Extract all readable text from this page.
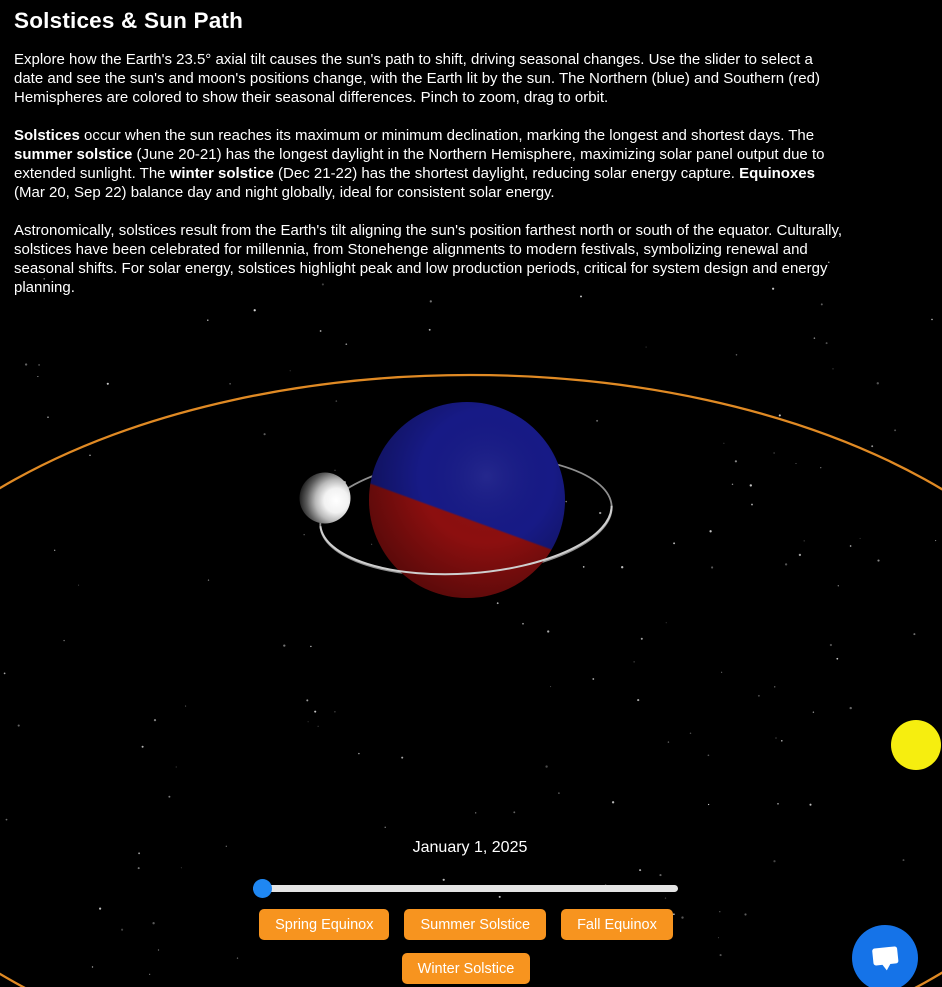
Solstices & Sun Path

Explore how the Earth's 23.5° axial tilt causes the sun's path to shift, driving seasonal changes. Use the slider to select a date and see the sun's and moon's positions change, with the Earth lit by the sun. The Northern (blue) and Southern (red) Hemispheres are colored to show their seasonal differences. Pinch to zoom, drag to orbit.

Solstices occur when the sun reaches its maximum or minimum declination, marking the longest and shortest days. The summer solstice (June 20-21) has the longest daylight in the Northern Hemisphere, maximizing solar panel output due to extended sunlight. The winter solstice (Dec 21-22) has the shortest daylight, reducing solar energy capture. Equinoxes (Mar 20, Sep 22) balance day and night globally, ideal for consistent solar energy.

Astronomically, solstices result from the Earth's tilt aligning the sun's position farthest north or south of the equator. Culturally, solstices have been celebrated for millennia, from Stonehenge alignments to modern festivals, symbolizing renewal and seasonal shifts. For solar energy, solstices highlight peak and low production periods, critical for system design and energy planning.

January 1, 2025
Spring Equinox	Summer Solstice	Fall Equinox
Winter Solstice
